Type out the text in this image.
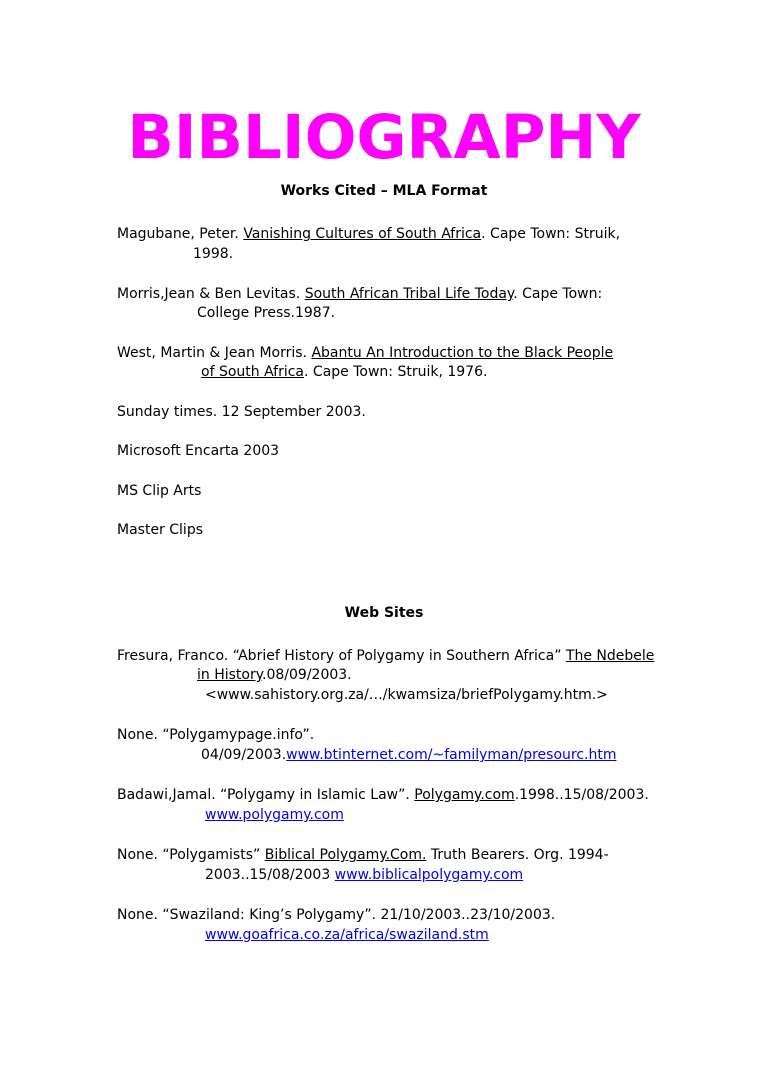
BIBLIOGRAPHY

Works Cited – MLA Format

Magubane, Peter. Vanishing Cultures of South Africa. Cape Town: Struik,

1998.

Morris,Jean & Ben Levitas. South African Tribal Life Today. Cape Town:

College Press.1987.

West, Martin & Jean Morris. Abantu An Introduction to the Black People

of South Africa. Cape Town: Struik, 1976.

Sunday times. 12 September 2003.

Microsoft Encarta 2003

MS Clip Arts

Master Clips

Web Sites

Fresura, Franco. “Abrief History of Polygamy in Southern Africa” The Ndebele

in History.08/09/2003.

<www.sahistory.org.za/…/kwamsiza/briefPolygamy.htm.>

None. “Polygamypage.info”.

04/09/2003.www.btinternet.com/~familyman/presourc.htm

Badawi,Jamal. “Polygamy in Islamic Law”. Polygamy.com.1998..15/08/2003.

www.polygamy.com

None. “Polygamists” Biblical Polygamy.Com. Truth Bearers. Org. 1994-

2003..15/08/2003 www.biblicalpolygamy.com

None. “Swaziland: King’s Polygamy”. 21/10/2003..23/10/2003.

www.goafrica.co.za/africa/swaziland.stm
